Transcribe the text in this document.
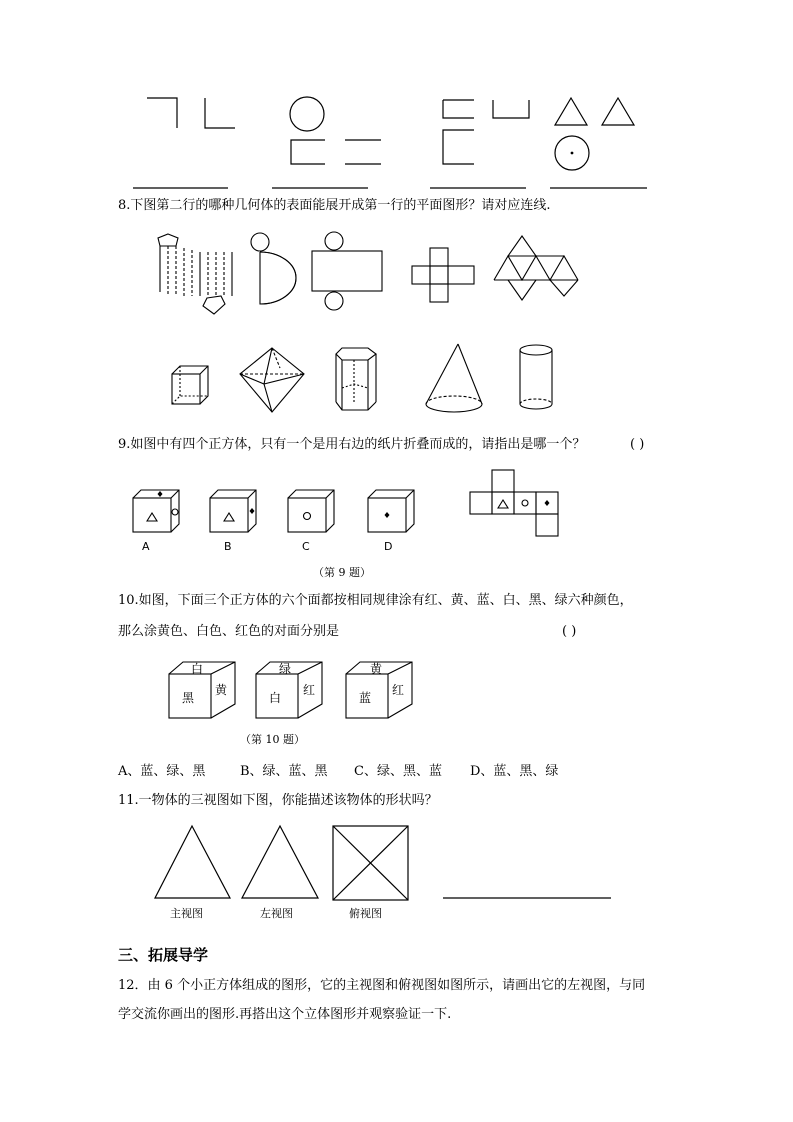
8.下图第二行的哪种几何体的表面能展开成第一行的平面图形？请对应连线.
9.如图中有四个正方体，只有一个是用右边的纸片折叠而成的，请指出是哪一个？	( )
A	B	C	D
（第 9 题）
10.如图，下面三个正方体的六个面都按相同规律涂有红、黄、蓝、白、黑、绿六种颜色，
那么涂黄色、白色、红色的对面分别是	( )
白
黑
黄
绿
白
红
黄
蓝
红
（第 10 题）
A、蓝、绿、黑	B、绿、蓝、黑 C、绿、黑、蓝 D、蓝、黑、绿
11.一物体的三视图如下图，你能描述该物体的形状吗？
主视图	左视图	俯视图
三、拓展导学
12．由 6 个小正方体组成的图形，它的主视图和俯视图如图所示，请画出它的左视图，与同
学交流你画出的图形.再搭出这个立体图形并观察验证一下.
